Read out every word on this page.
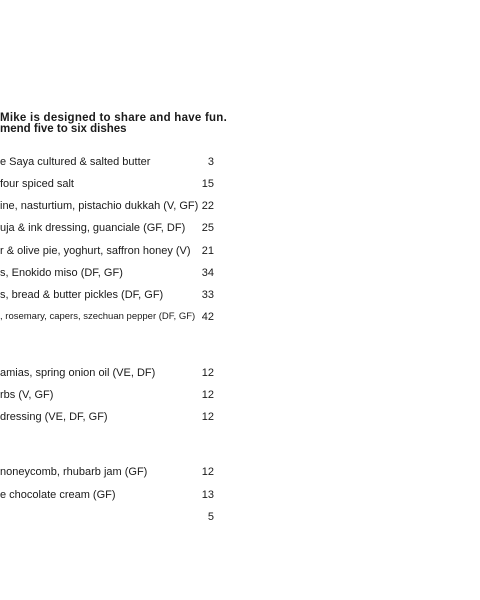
Mike is designed to share and have fun.
mend five to six dishes
e Saya cultured & salted butter	3
four spiced salt	15
ine, nasturtium, pistachio dukkah (V, GF) 22
uja & ink dressing, guanciale (GF, DF) 25
r & olive pie, yoghurt, saffron honey (V) 21
s, Enokido miso (DF, GF)	34
s, bread & butter pickles (DF, GF)	33
, rosemary, capers, szechuan pepper (DF, GF) 42
amias, spring onion oil (VE, DF)	12
rbs (V, GF)	12
dressing (VE, DF, GF)	12
noneycomb, rhubarb jam (GF)	12
e chocolate cream (GF)	13
5
